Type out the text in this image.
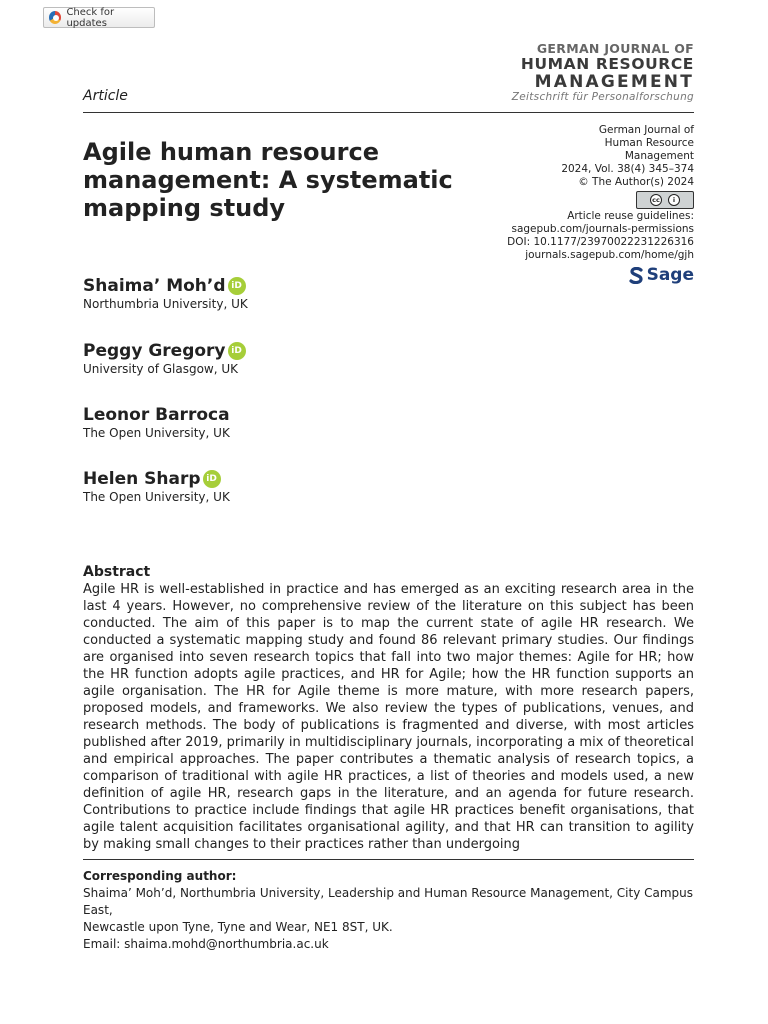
Check for updates
GERMAN JOURNAL OF
HUMAN RESOURCE
MANAGEMENT
Zeitschrift für Personalforschung
Article
Agile human resource management: A systematic mapping study
German Journal of Human Resource Management
2024, Vol. 38(4) 345–374
© The Author(s) 2024
cc	i
Article reuse guidelines:
sagepub.com/journals-permissions
DOI: 10.1177/23970022231226316
journals.sagepub.com/home/gjh
Sage
Shaima’ Moh’d iD
Northumbria University, UK
Peggy Gregory iD
University of Glasgow, UK
Leonor Barroca
The Open University, UK
Helen Sharp iD
The Open University, UK
Abstract

Agile HR is well-established in practice and has emerged as an exciting research area in the last 4 years. However, no comprehensive review of the literature on this subject has been conducted. The aim of this paper is to map the current state of agile HR research. We conducted a systematic mapping study and found 86 relevant primary studies. Our findings are organised into seven research topics that fall into two major themes: Agile for HR; how the HR function adopts agile practices, and HR for Agile; how the HR function supports an agile organisation. The HR for Agile theme is more mature, with more research papers, proposed models, and frameworks. We also review the types of publications, venues, and research methods. The body of publications is fragmented and diverse, with most articles published after 2019, primarily in multidisciplinary journals, incorporating a mix of theoretical and empirical approaches. The paper contributes a thematic analysis of research topics, a comparison of traditional with agile HR practices, a list of theories and models used, a new definition of agile HR, research gaps in the literature, and an agenda for future research. Contributions to practice include findings that agile HR practices benefit organisations, that agile talent acquisition facilitates organisational agility, and that HR can transition to agility by making small changes to their practices rather than undergoing

Corresponding author:
Shaima’ Moh’d, Northumbria University, Leadership and Human Resource Management, City Campus East,
Newcastle upon Tyne, Tyne and Wear, NE1 8ST, UK.
Email: shaima.mohd@northumbria.ac.uk
